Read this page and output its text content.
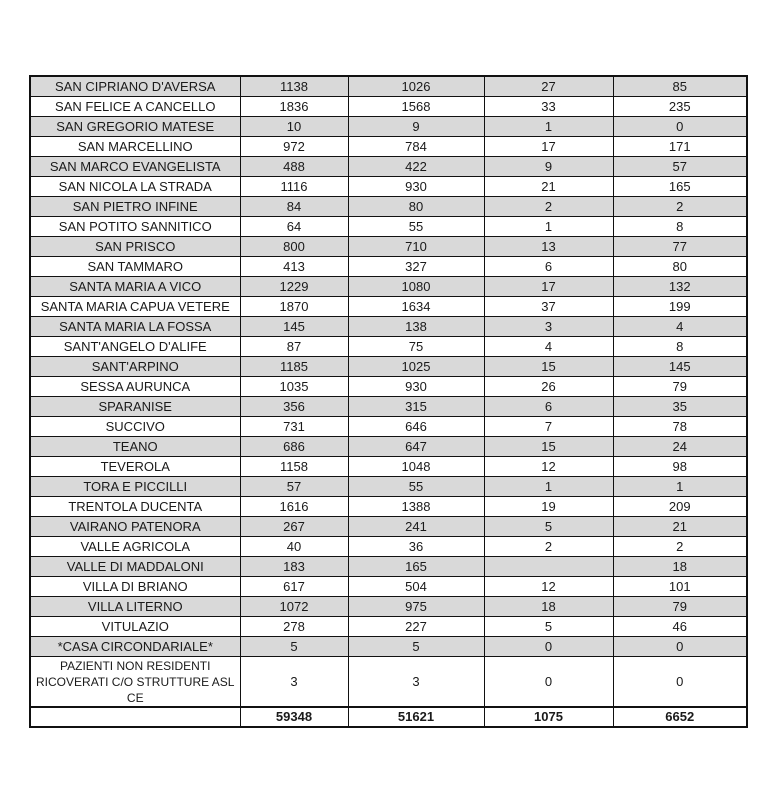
SAN CIPRIANO D'AVERSA	1138	1026	27	85
SAN FELICE A CANCELLO	1836	1568	33	235
SAN GREGORIO MATESE	10	9	1	0
SAN MARCELLINO	972	784	17	171
SAN MARCO EVANGELISTA	488	422	9	57
SAN NICOLA LA STRADA	1116	930	21	165
SAN PIETRO INFINE	84	80	2	2
SAN POTITO SANNITICO	64	55	1	8
SAN PRISCO	800	710	13	77
SAN TAMMARO	413	327	6	80
SANTA MARIA A VICO	1229	1080	17	132
SANTA MARIA CAPUA VETERE	1870	1634	37	199
SANTA MARIA LA FOSSA	145	138	3	4
SANT'ANGELO D'ALIFE	87	75	4	8
SANT'ARPINO	1185	1025	15	145
SESSA AURUNCA	1035	930	26	79
SPARANISE	356	315	6	35
SUCCIVO	731	646	7	78
TEANO	686	647	15	24
TEVEROLA	1158	1048	12	98
TORA E PICCILLI	57	55	1	1
TRENTOLA DUCENTA	1616	1388	19	209
VAIRANO PATENORA	267	241	5	21
VALLE AGRICOLA	40	36	2	2
VALLE DI MADDALONI	183	165		18
VILLA DI BRIANO	617	504	12	101
VILLA LITERNO	1072	975	18	79
VITULAZIO	278	227	5	46
*CASA CIRCONDARIALE*	5	5	0	0
PAZIENTI NON RESIDENTI RICOVERATI C/O STRUTTURE ASL CE	3	3	0	0
	59348	51621	1075	6652
